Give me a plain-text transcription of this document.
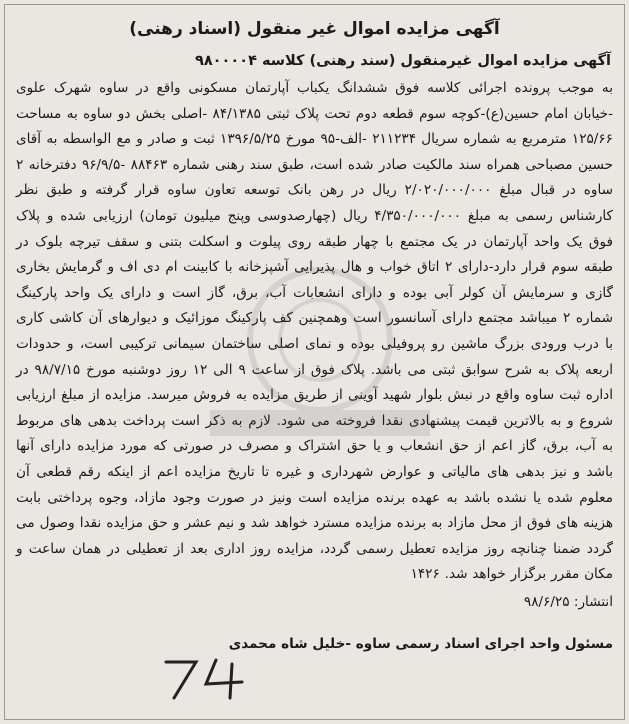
آگهی مزایده اموال غیر منقول (اسناد رهنی)
آگهی مزایده اموال غیرمنقول (سند رهنی) کلاسه ۹۸۰۰۰۰۴
به موجب پرونده اجرائی کلاسه فوق ششدانگ یکباب آپارتمان مسکونی واقع در ساوه شهرک علوی -خیابان امام حسین(ع)-کوچه سوم قطعه دوم تحت پلاک ثبتی ۸۴/۱۳۸۵ -اصلی بخش دو ساوه به مساحت ۱۲۵/۶۶ مترمربع به شماره سریال ۲۱۱۲۳۴ -الف-۹۵ مورخ ۱۳۹۶/۵/۲۵ ثبت و صادر و مع الواسطه به آقای حسین مصباحی همراه سند مالکیت صادر شده است، طبق سند رهنی شماره ۸۸۴۶۳ -۹۶/۹/۵ دفترخانه ۲ ساوه در قبال مبلغ ۲/۰۲۰/۰۰۰/۰۰۰ ریال در رهن بانک توسعه تعاون ساوه قرار گرفته و طبق نظر کارشناس رسمی به مبلغ ۴/۳۵۰/۰۰۰/۰۰۰ ریال (چهارصدوسی وپنج میلیون تومان) ارزیابی شده و پلاک فوق یک واحد آپارتمان در یک مجتمع با چهار طبقه روی پیلوت و اسکلت بتنی و سقف تیرچه بلوک در طبقه سوم قرار دارد-دارای ۲ اتاق خواب و هال پذیرایی آشپزخانه با کابینت ام دی اف و گرمایش بخاری گازی و سرمایش آن کولر آبی بوده و دارای انشعابات آب، برق، گاز است و دارای یک واحد پارکینگ شماره ۲ میباشد مجتمع دارای آسانسور است وهمچنین کف پارکینگ موزائیک و دیوارهای آن کاشی کاری با درب ورودی بزرگ ماشین رو پروفیلی بوده و نمای اصلی ساختمان سیمانی ترکیبی است، و حدودات اربعه پلاک به شرح سوابق ثبتی می باشد. پلاک فوق از ساعت ۹ الی ۱۲ روز دوشنبه مورخ ۹۸/۷/۱۵ در اداره ثبت ساوه واقع در نبش بلوار شهید آوینی از طریق مزایده به فروش میرسد. مزایده از مبلغ ارزیابی شروع و به بالاترین قیمت پیشنهادی نقدا فروخته می شود. لازم به ذکر است پرداخت بدهی های مربوط به آب، برق، گاز اعم از حق انشعاب و یا حق اشتراک و مصرف در صورتی که مورد مزایده دارای آنها باشد و نیز بدهی های مالیاتی و عوارض شهرداری و غیره تا تاریخ مزایده اعم از اینکه رقم قطعی آن معلوم شده یا نشده باشد به عهده برنده مزایده است ونیز در صورت وجود مازاد، وجوه پرداختی بابت هزینه های فوق از محل مازاد به برنده مزایده مسترد خواهد شد و نیم عشر و حق مزایده نقدا وصول می گردد ضمنا چنانچه روز مزایده تعطیل رسمی گردد، مزایده روز اداری بعد از تعطیلی در همان ساعت و مکان مقرر برگزار خواهد شد. ۱۴۲۶
انتشار: ۹۸/۶/۲۵
مسئول واحد اجرای اسناد رسمی ساوه -خلیل شاه محمدی
